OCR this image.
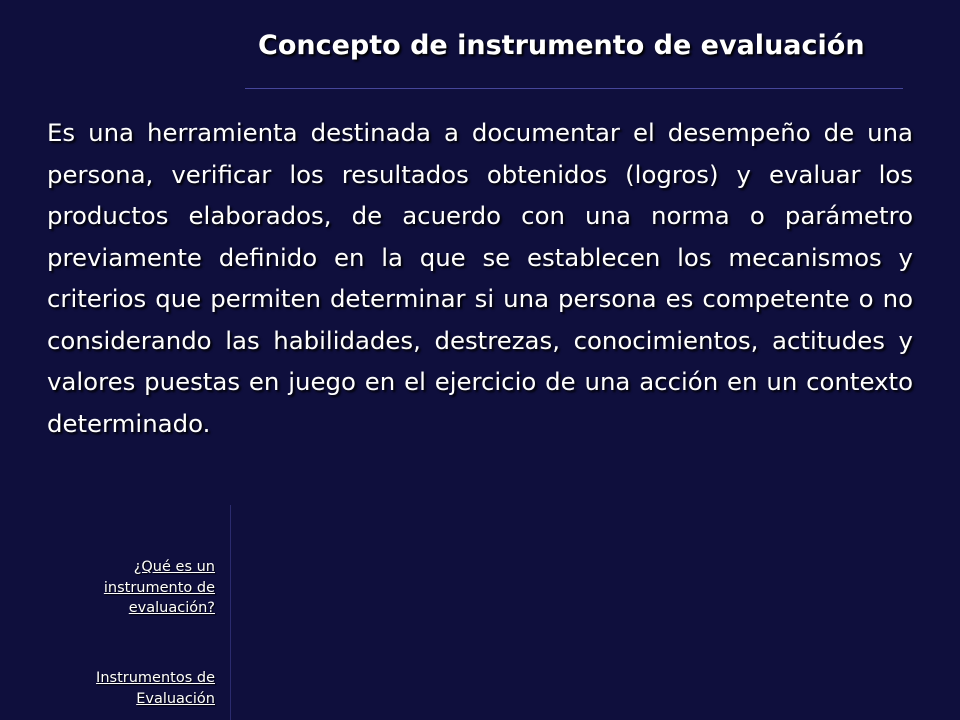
Concepto de instrumento de evaluación

Es una herramienta destinada a documentar el desempeño de una persona, verificar los resultados obtenidos (logros) y evaluar los productos elaborados, de acuerdo con una norma o parámetro previamente definido en la que se establecen los mecanismos y criterios que permiten determinar si una persona es competente o no considerando las habilidades, destrezas, conocimientos, actitudes y valores puestas en juego en el ejercicio de una acción en un contexto determinado.

¿Qué es un instrumento de evaluación?
Instrumentos de Evaluación
